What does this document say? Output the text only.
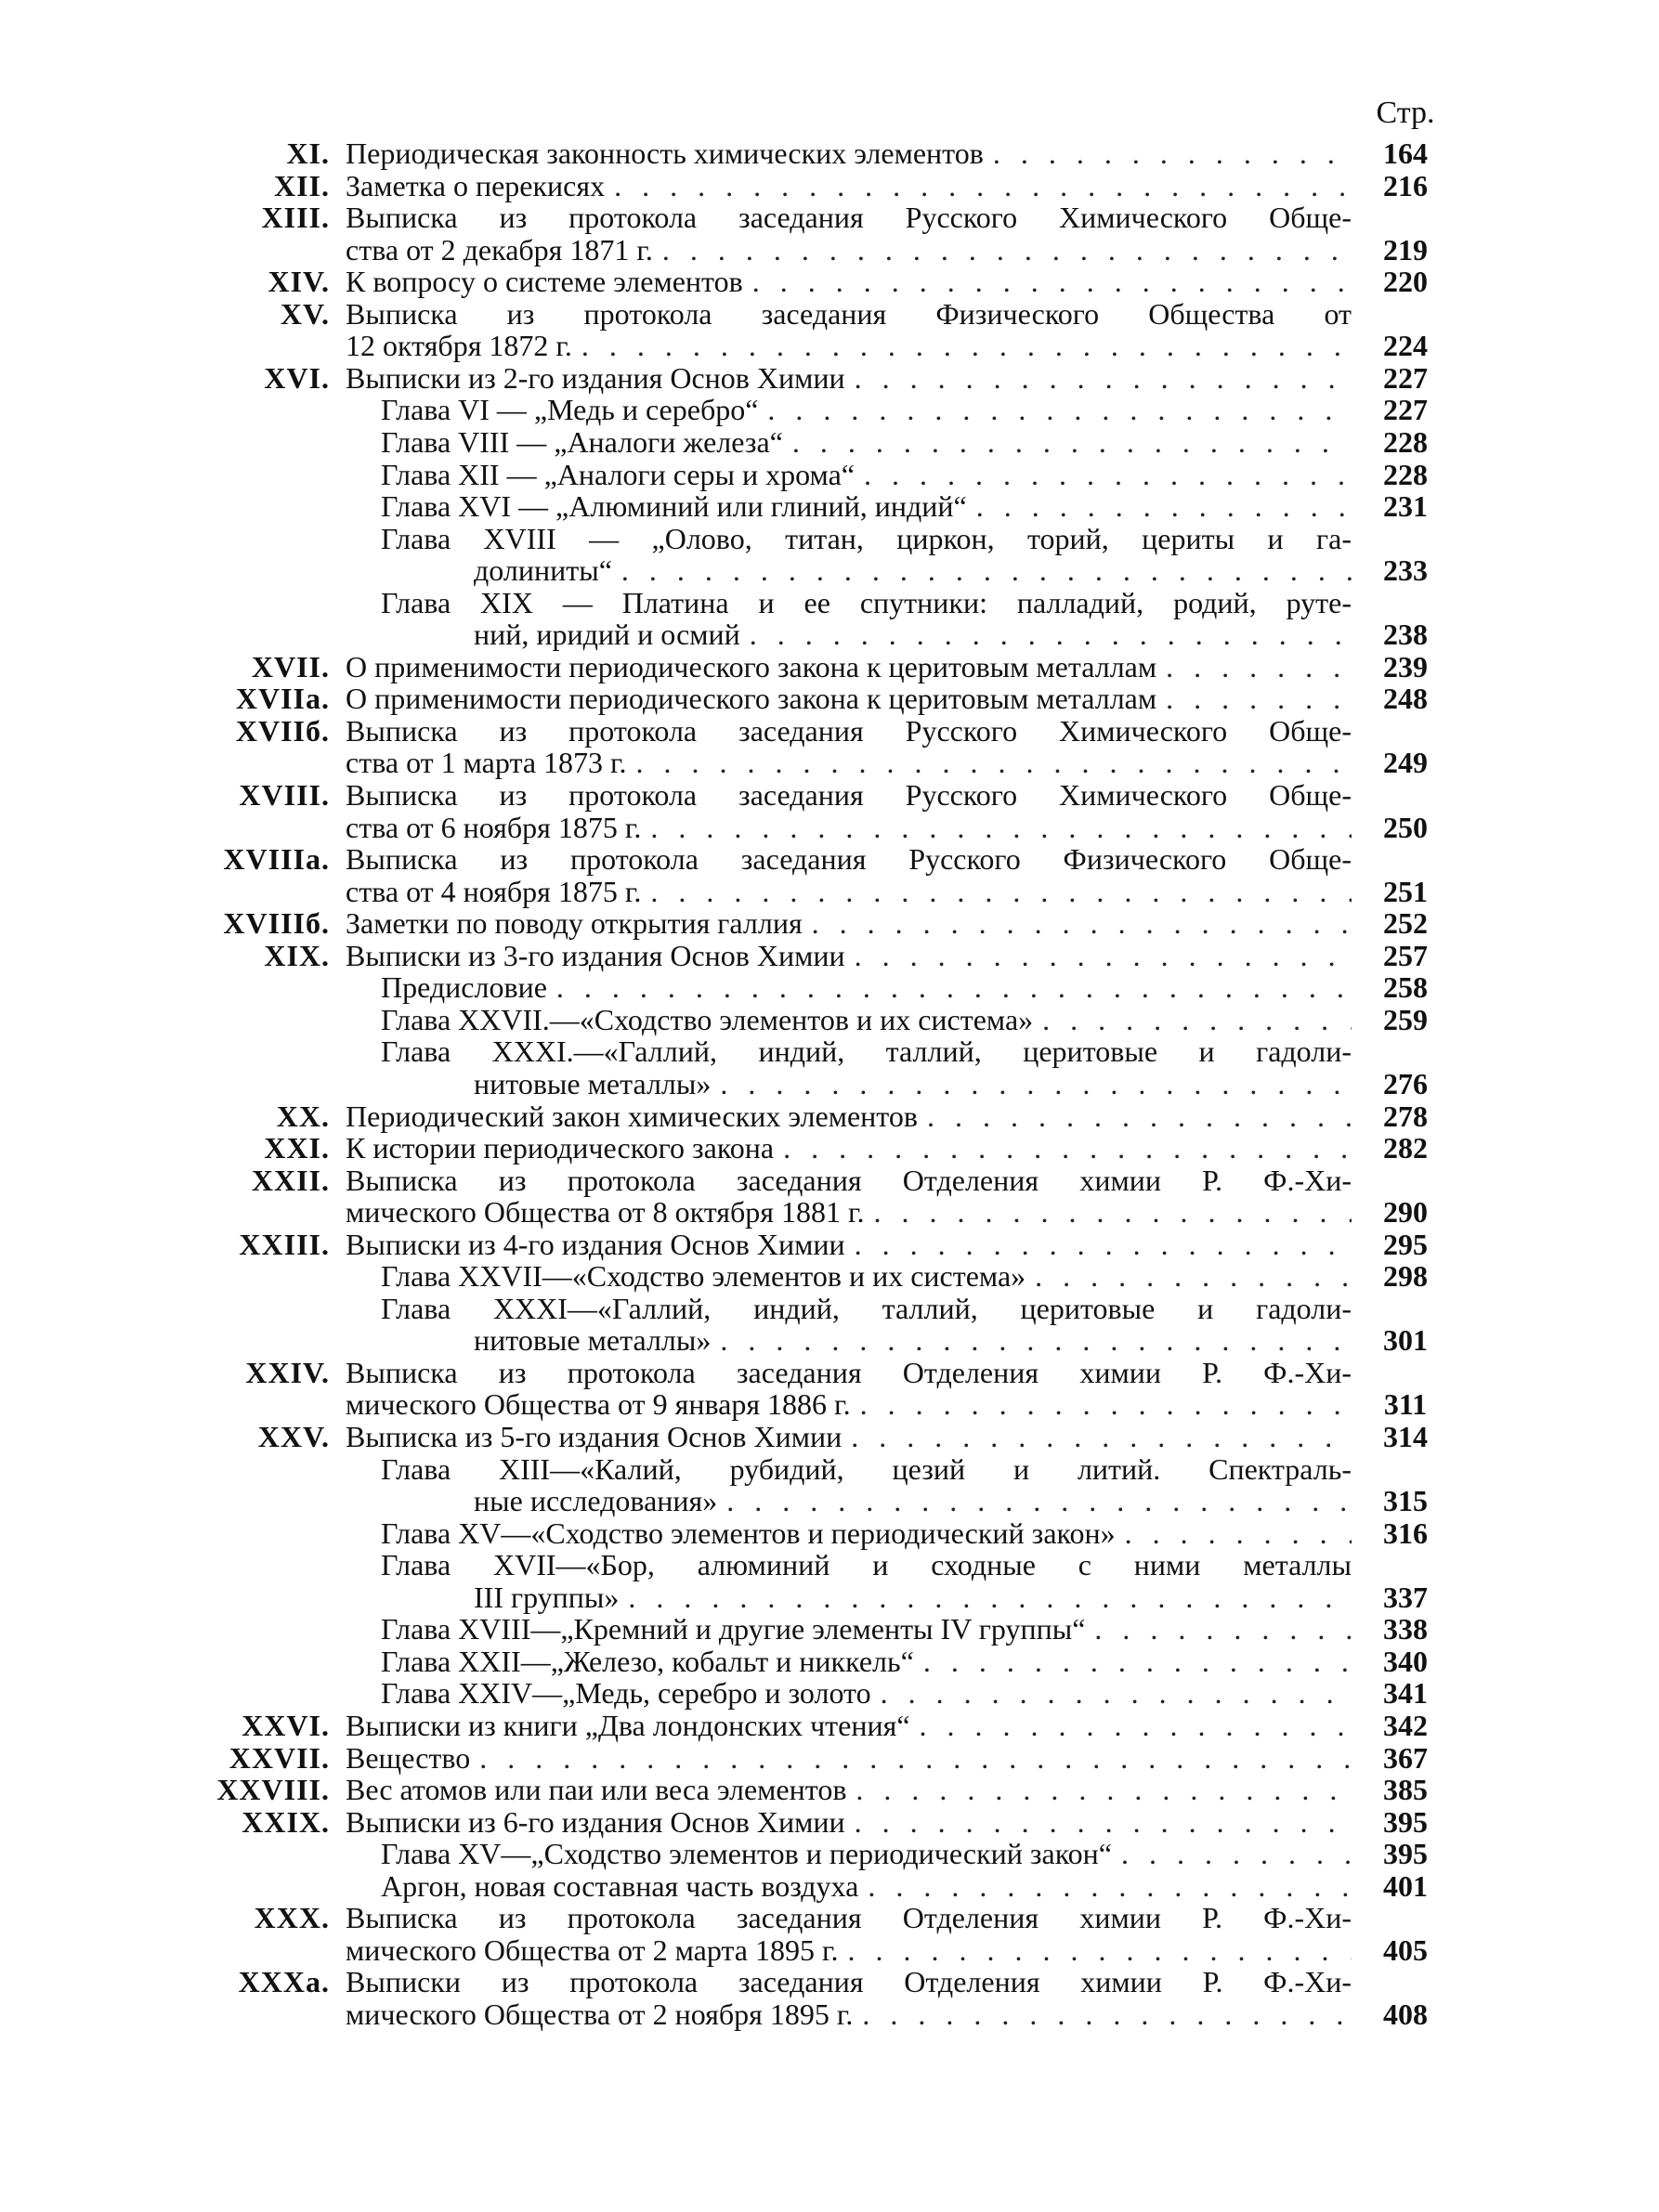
Стр.
XI. Периодическая законность химических элементов . . .	164
XII. Заметка о перекисях . . .	216
XIII. Выписка из протокола заседания Русского Химического Обще-
ства от 2 декабря 1871 г. . . .	219
XIV. К вопросу о системе элементов . . .	220
XV. Выписка из протокола заседания Физического Общества от
12 октября 1872 г. . . .	224
XVI. Выписки из 2-го издания Основ Химии . . .	227
Глава VI — „Медь и серебро“ . . .	227
Глава VIII — „Аналоги железа“ . . .	228
Глава XII — „Аналоги серы и хрома“ . . .	228
Глава XVI — „Алюминий или глиний, индий“ . . .	231
Глава XVIII — „Олово, титан, циркон, торий, цериты и га-
долиниты“ . . .	233
Глава XIX — Платина и ее спутники: палладий, родий, руте-
ний, иридий и осмий . . .	238
XVII. О применимости периодического закона к церитовым металлам . . .	239
XVIIa. О применимости периодического закона к церитовым металлам . . .	248
XVIIб. Выписка из протокола заседания Русского Химического Обще-
ства от 1 марта 1873 г. . . .	249
XVIII. Выписка из протокола заседания Русского Химического Обще-
ства от 6 ноября 1875 г. . . .	250
XVIIIa. Выписка из протокола заседания Русского Физического Обще-
ства от 4 ноября 1875 г. . . .	251
XVIIIб. Заметки по поводу открытия галлия . . .	252
XIX. Выписки из 3-го издания Основ Химии . . .	257
Предисловие . . .	258
Глава XXVII.—«Сходство элементов и их система» . . .	259
Глава XXXI.—«Галлий, индий, таллий, церитовые и гадоли-
нитовые металлы» . . .	276
XX. Периодический закон химических элементов . . .	278
XXI. К истории периодического закона . . .	282
XXII. Выписка из протокола заседания Отделения химии Р. Ф.-Хи-
мического Общества от 8 октября 1881 г. . . .	290
XXIII. Выписки из 4-го издания Основ Химии . . .	295
Глава XXVII—«Сходство элементов и их система» . . .	298
Глава XXXI—«Галлий, индий, таллий, церитовые и гадоли-
нитовые металлы» . . .	301
XXIV. Выписка из протокола заседания Отделения химии Р. Ф.-Хи-
мического Общества от 9 января 1886 г. . . .	311
XXV. Выписка из 5-го издания Основ Химии . . .	314
Глава XIII—«Калий, рубидий, цезий и литий. Спектраль-
ные исследования» . . .	315
Глава XV—«Сходство элементов и периодический закон» . . .	316
Глава XVII—«Бор, алюминий и сходные с ними металлы
III группы» . . .	337
Глава XVIII—„Кремний и другие элементы IV группы“ . . .	338
Глава XXII—„Железо, кобальт и никкель“ . . .	340
Глава XXIV—„Медь, серебро и золото . . .	341
XXVI. Выписки из книги „Два лондонских чтения“ . . .	342
XXVII. Вещество . . .	367
XXVIII. Вес атомов или паи или веса элементов . . .	385
XXIX. Выписки из 6-го издания Основ Химии . . .	395
Глава XV—„Сходство элементов и периодический закон“ . . .	395
Аргон, новая составная часть воздуха . . .	401
XXX. Выписка из протокола заседания Отделения химии Р. Ф.-Хи-
мического Общества от 2 марта 1895 г. . . .	405
XXXa. Выписки из протокола заседания Отделения химии Р. Ф.-Хи-
мического Общества от 2 ноября 1895 г. . . .	408
